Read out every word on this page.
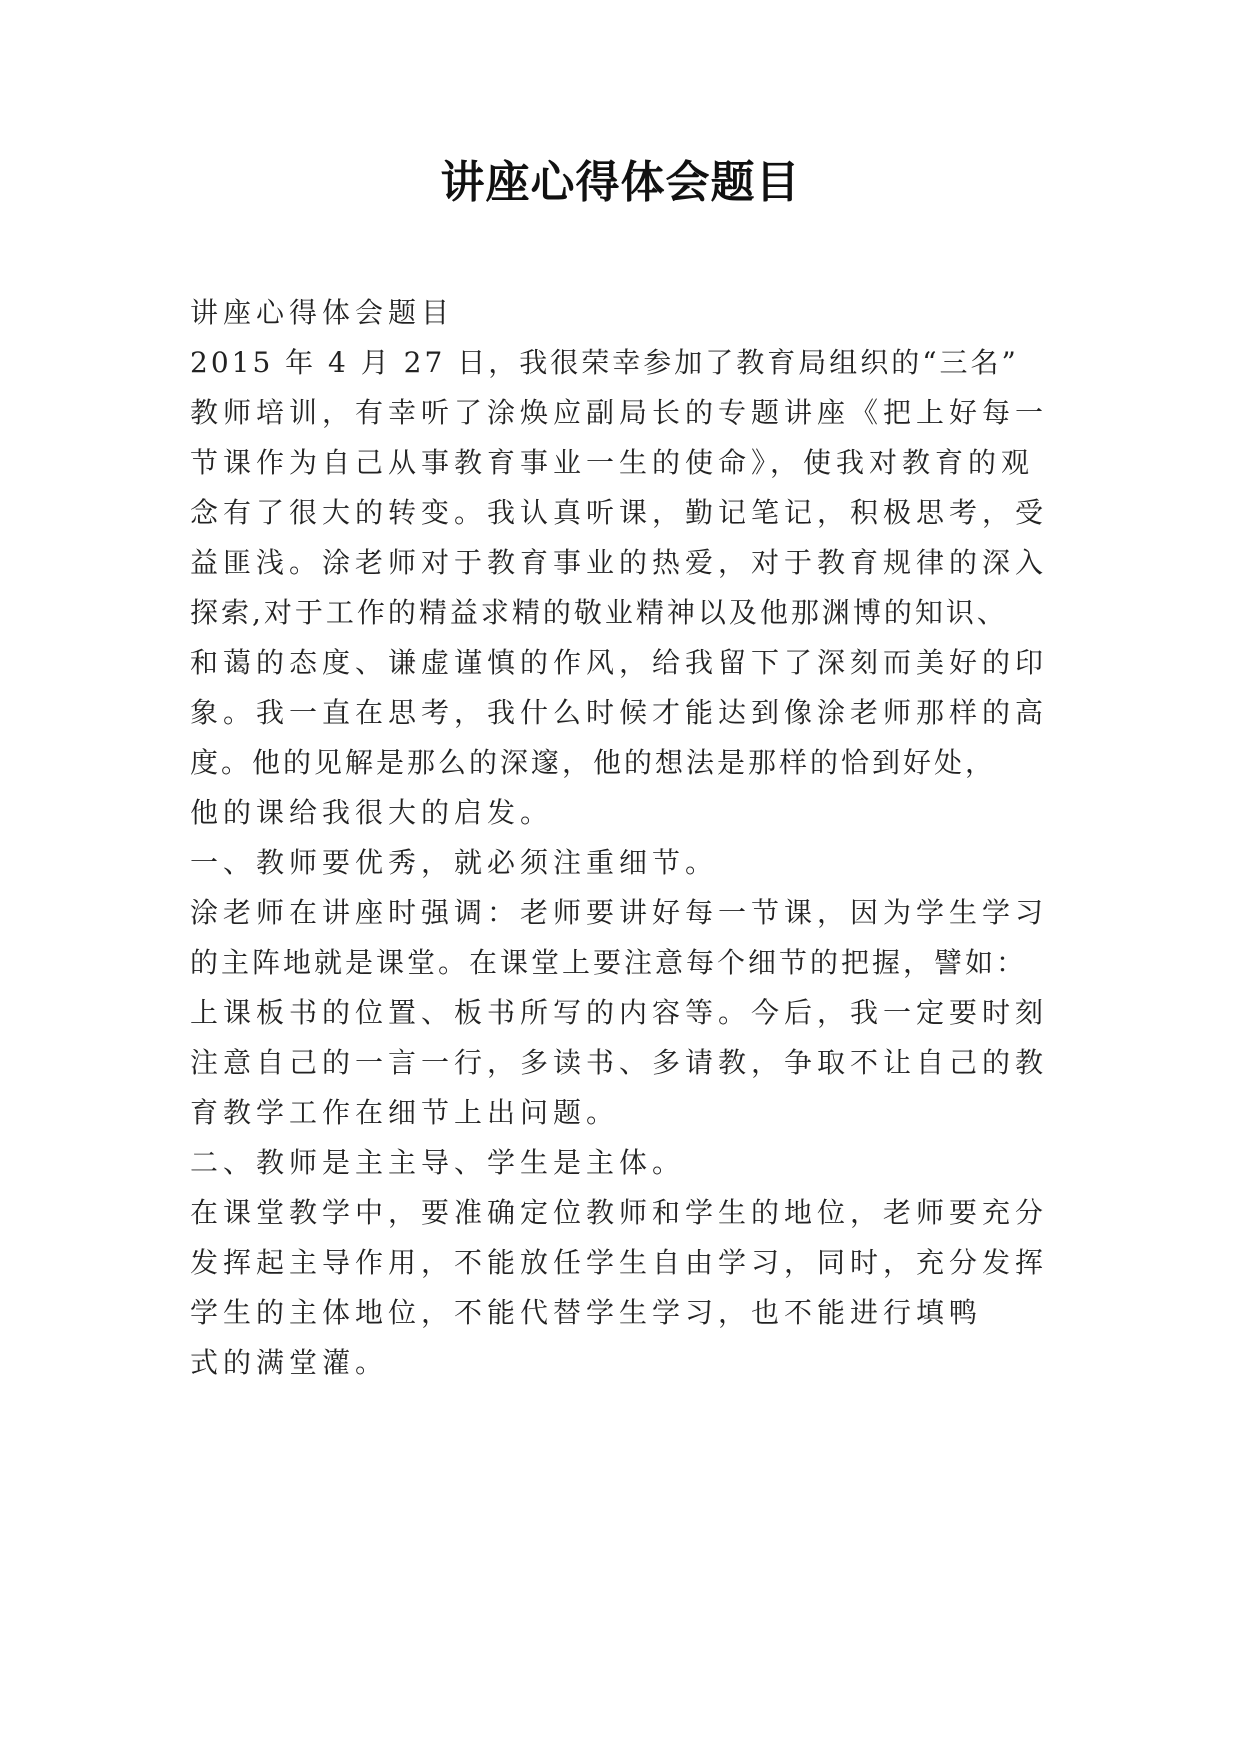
讲座心得体会题目
讲座心得体会题目
2015 年 4 月 27 日，我很荣幸参加了教育局组织的“三名”
教师培训，有幸听了涂焕应副局长的专题讲座《把上好每一
节课作为自己从事教育事业一生的使命》，使我对教育的观
念有了很大的转变。我认真听课，勤记笔记，积极思考，受
益匪浅。涂老师对于教育事业的热爱，对于教育规律的深入
探索,对于工作的精益求精的敬业精神以及他那渊博的知识、
和蔼的态度、谦虚谨慎的作风，给我留下了深刻而美好的印
象。我一直在思考，我什么时候才能达到像涂老师那样的高
度。他的见解是那么的深邃，他的想法是那样的恰到好处，
他的课给我很大的启发。
一、教师要优秀，就必须注重细节。
涂老师在讲座时强调：老师要讲好每一节课，因为学生学习
的主阵地就是课堂。在课堂上要注意每个细节的把握，譬如：
上课板书的位置、板书所写的内容等。今后，我一定要时刻
注意自己的一言一行，多读书、多请教，争取不让自己的教
育教学工作在细节上出问题。
二、教师是主主导、学生是主体。
在课堂教学中，要准确定位教师和学生的地位，老师要充分
发挥起主导作用，不能放任学生自由学习，同时，充分发挥
学生的主体地位，不能代替学生学习，也不能进行填鸭
式的满堂灌。
